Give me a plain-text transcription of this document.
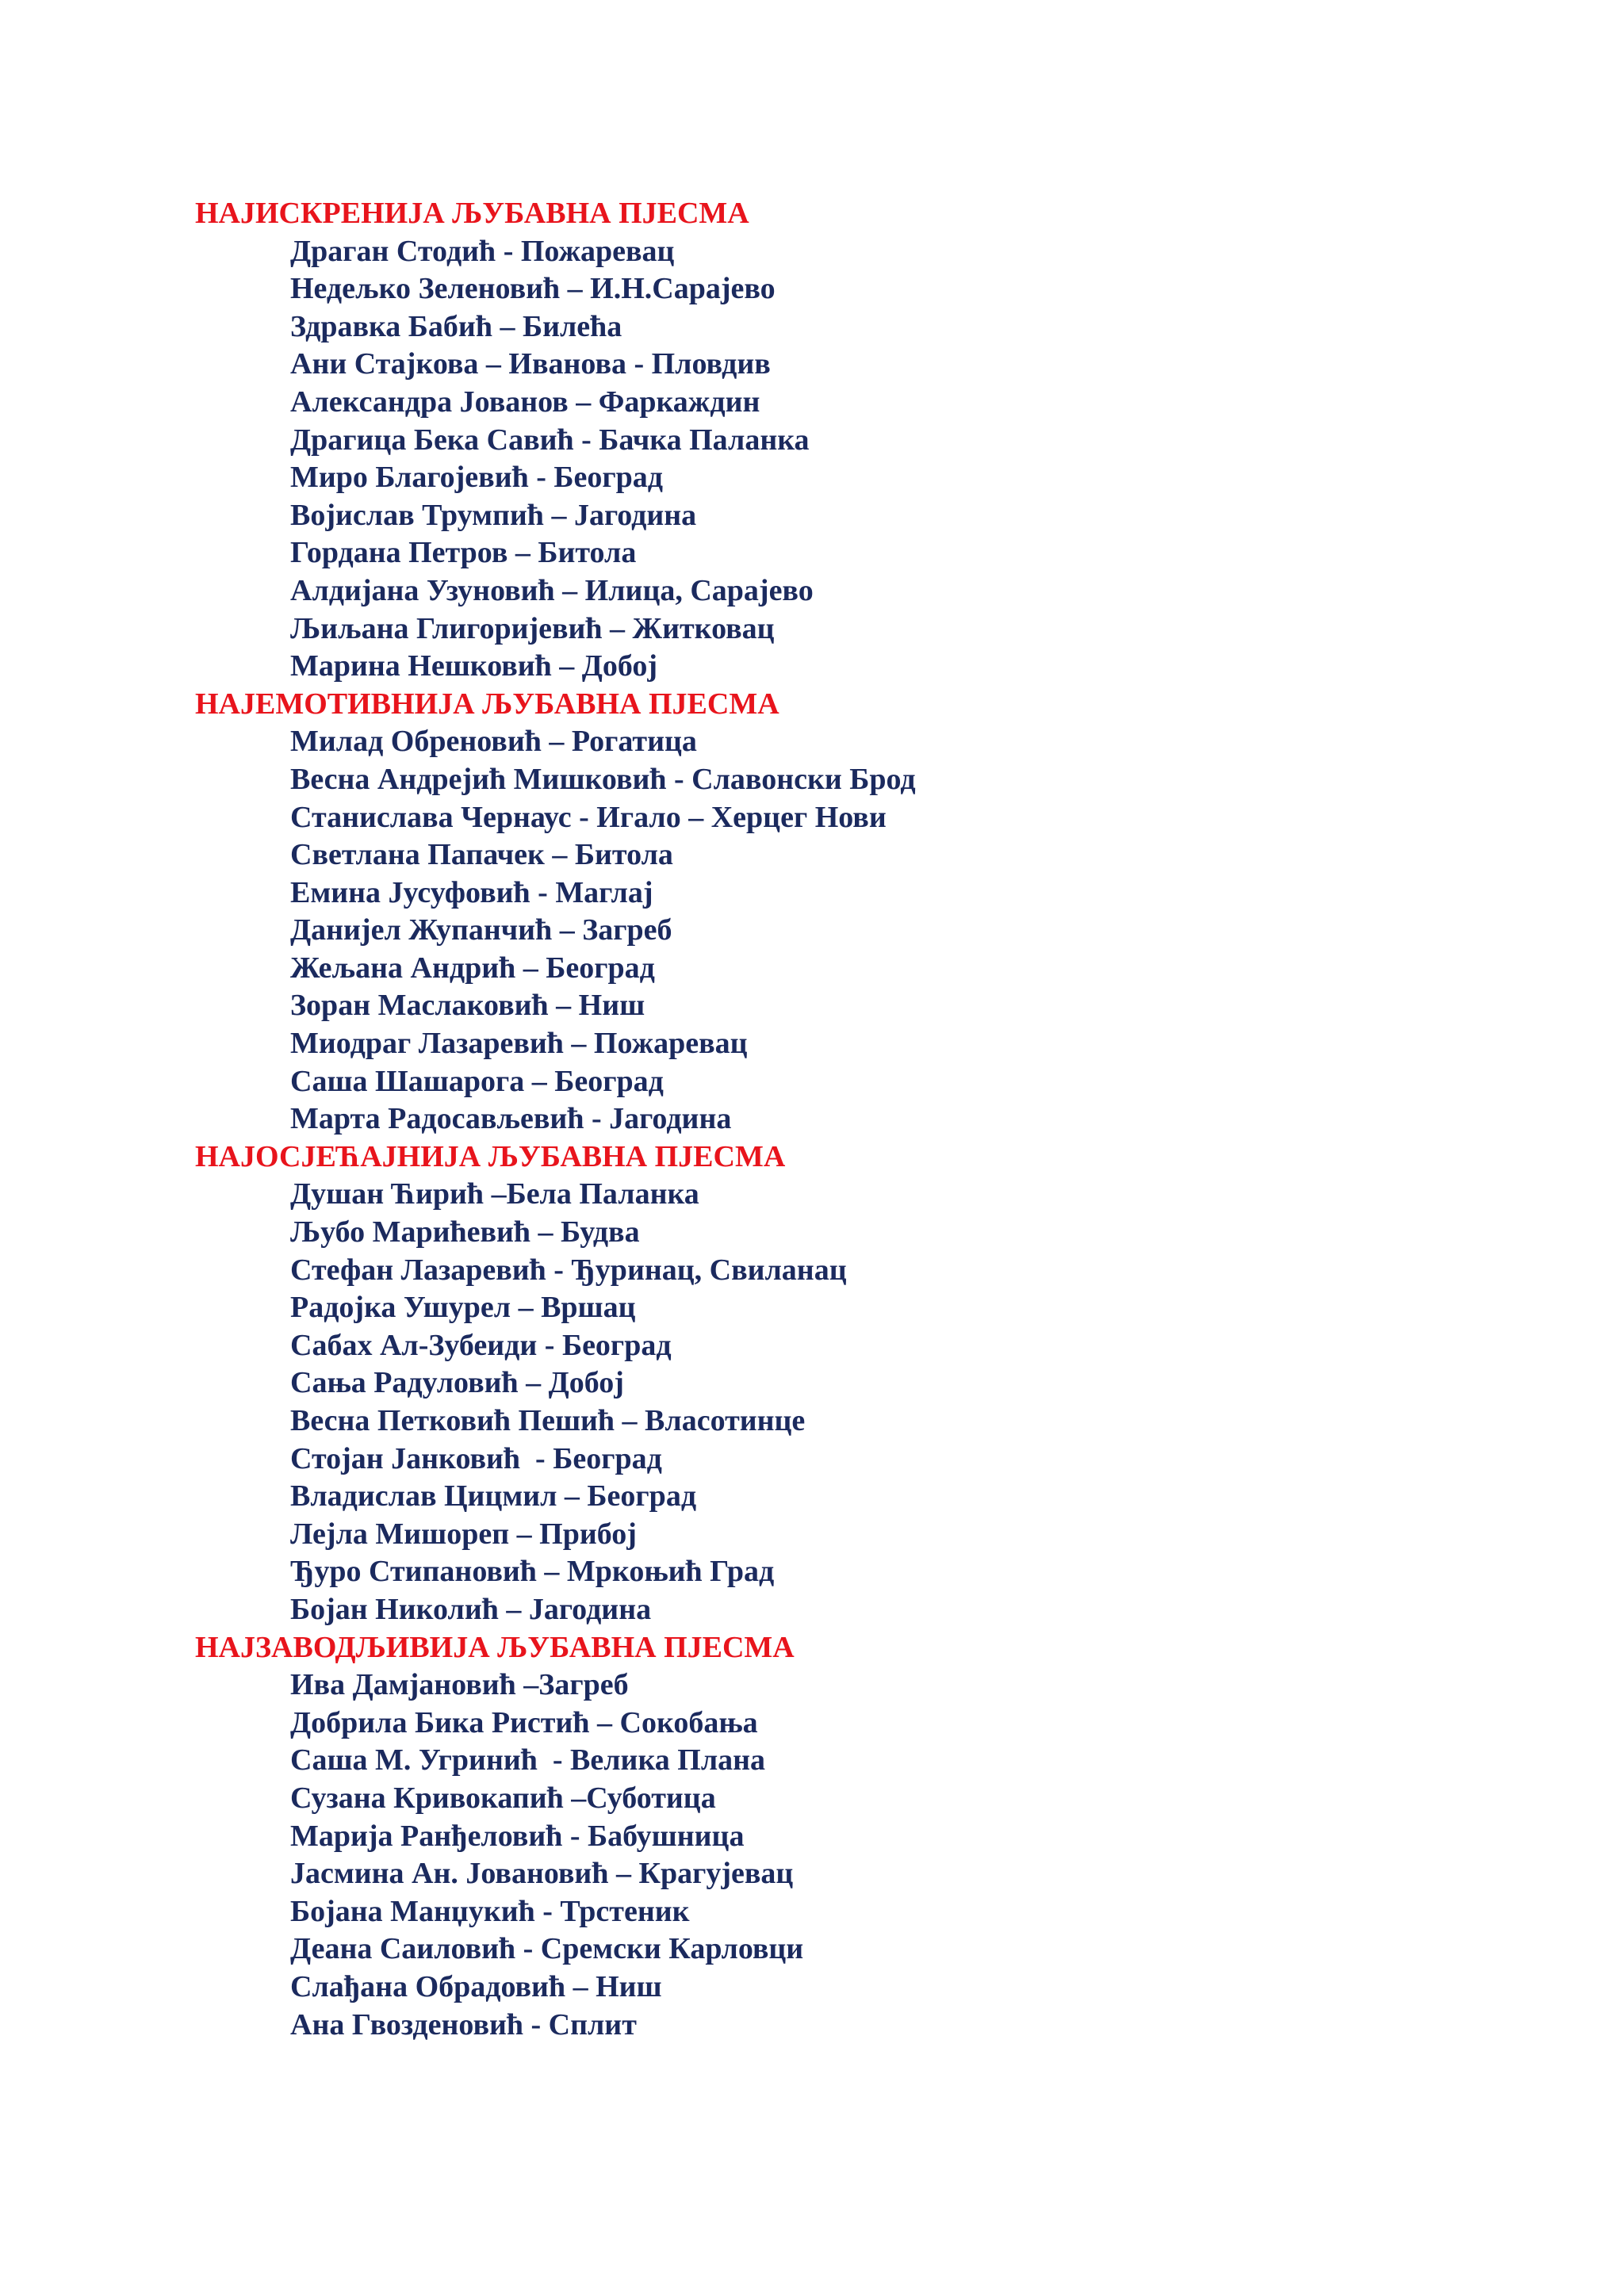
НАЈИСКРЕНИЈА ЉУБАВНА ПЈЕСМА
Драган Стодић - Пожаревац
Недељко Зеленовић – И.Н.Сарајево
Здравка Бабић – Билећа
Ани Стајкова – Иванова - Пловдив
Александра Јованов – Фаркаждин
Драгица Бека Савић - Бачка Паланка
Миро Благојевић - Београд
Војислав Трумпић – Јагодина
Гордана Петров – Битола
Алдијана Узуновић – Илица, Сарајево
Љиљана Глигоријевић – Житковац
Марина Нешковић – Добој
НАЈЕМОТИВНИЈА ЉУБАВНА ПЈЕСМА
Милад Обреновић – Рогатица
Весна Андрејић Мишковић - Славонски Брод
Станислава Чернаус - Игало – Херцег Нови
Светлана Папачек – Битола
Емина Јусуфовић - Маглај
Данијел Жупанчић – Загреб
Жељана Андрић – Београд
Зоран Маслаковић – Ниш
Миодраг Лазаревић – Пожаревац
Саша Шашарога – Београд
Марта Радосављевић - Јагодина
НАЈОСЈЕЋАЈНИЈА ЉУБАВНА ПЈЕСМА
Душан Ћирић –Бела Паланка
Љубо Марићевић – Будва
Стефан Лазаревић - Ђуринац, Свиланац
Радојка Ушурел – Вршац
Сабах Ал-Зубеиди - Београд
Сања Радуловић – Добој
Весна Петковић Пешић – Власотинце
Стојан Јанковић  - Београд
Владислав Цицмил – Београд
Лејла Мишореп – Прибој
Ђуро Стипановић – Мркоњић Град
Бојан Николић – Јагодина
НАЈЗАВОДЉИВИЈА ЉУБАВНА ПЈЕСМА
Ива Дамјановић –Загреб
Добрила Бика Ристић – Сокобања
Саша М. Угринић  - Велика Плана
Сузана Кривокапић –Суботица
Марија Ранђеловић - Бабушница
Јасмина Ан. Јовановић – Крагујевац
Бојана Манџукић - Трстеник
Деана Саиловић - Сремски Карловци
Слађана Обрадовић – Ниш
Ана Гвозденовић - Сплит
